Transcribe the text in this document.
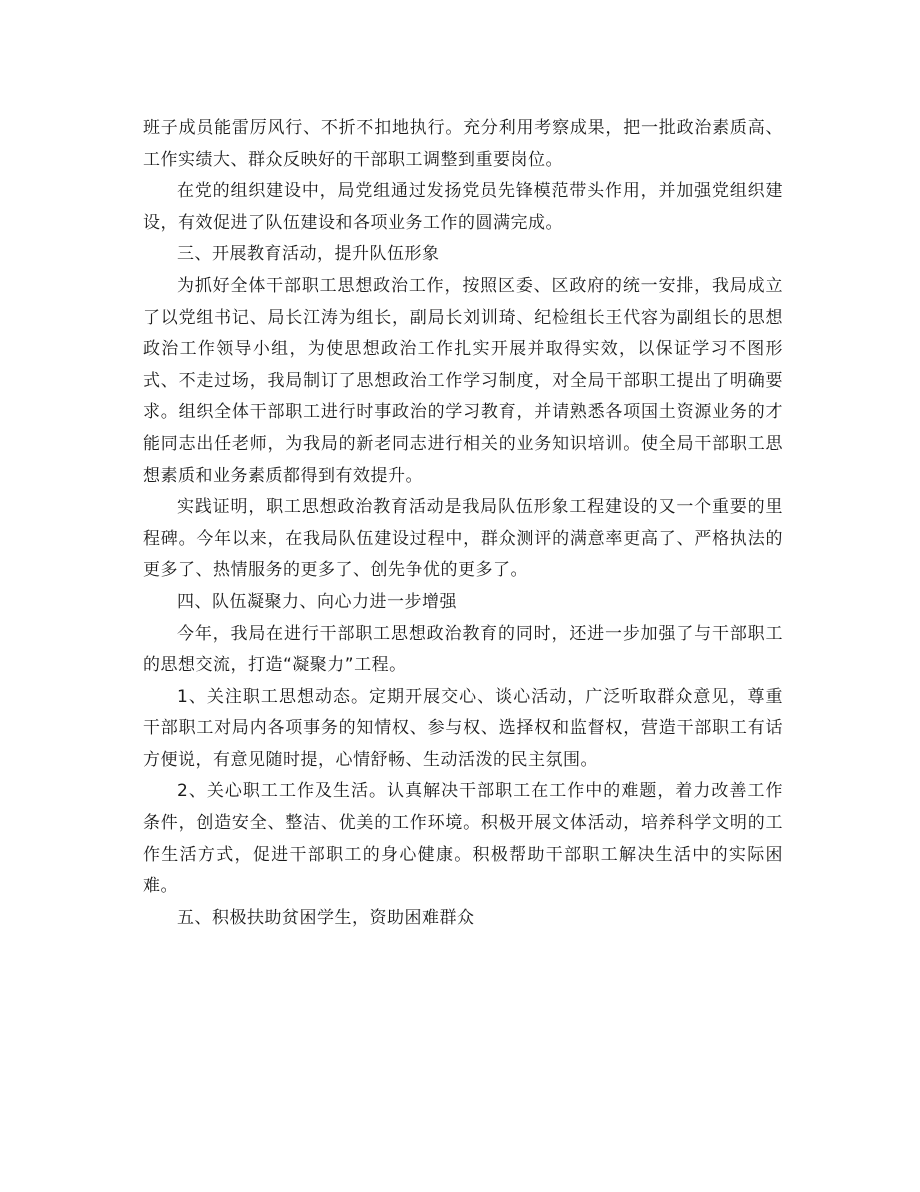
班子成员能雷厉风行、不折不扣地执行。充分利用考察成果，把一批政治素质高、工作实绩大、群众反映好的干部职工调整到重要岗位。

在党的组织建设中，局党组通过发扬党员先锋模范带头作用，并加强党组织建设，有效促进了队伍建设和各项业务工作的圆满完成。

三、开展教育活动，提升队伍形象

为抓好全体干部职工思想政治工作，按照区委、区政府的统一安排，我局成立了以党组书记、局长江涛为组长，副局长刘训琦、纪检组长王代容为副组长的思想政治工作领导小组，为使思想政治工作扎实开展并取得实效，以保证学习不图形式、不走过场，我局制订了思想政治工作学习制度，对全局干部职工提出了明确要求。组织全体干部职工进行时事政治的学习教育，并请熟悉各项国土资源业务的才能同志出任老师，为我局的新老同志进行相关的业务知识培训。使全局干部职工思想素质和业务素质都得到有效提升。

实践证明，职工思想政治教育活动是我局队伍形象工程建设的又一个重要的里程碑。今年以来，在我局队伍建设过程中，群众测评的满意率更高了、严格执法的更多了、热情服务的更多了、创先争优的更多了。

四、队伍凝聚力、向心力进一步增强

今年，我局在进行干部职工思想政治教育的同时，还进一步加强了与干部职工的思想交流，打造“凝聚力”工程。

1、关注职工思想动态。定期开展交心、谈心活动，广泛听取群众意见，尊重干部职工对局内各项事务的知情权、参与权、选择权和监督权，营造干部职工有话方便说，有意见随时提，心情舒畅、生动活泼的民主氛围。

2、关心职工工作及生活。认真解决干部职工在工作中的难题，着力改善工作条件，创造安全、整洁、优美的工作环境。积极开展文体活动，培养科学文明的工作生活方式，促进干部职工的身心健康。积极帮助干部职工解决生活中的实际困难。

五、积极扶助贫困学生，资助困难群众
